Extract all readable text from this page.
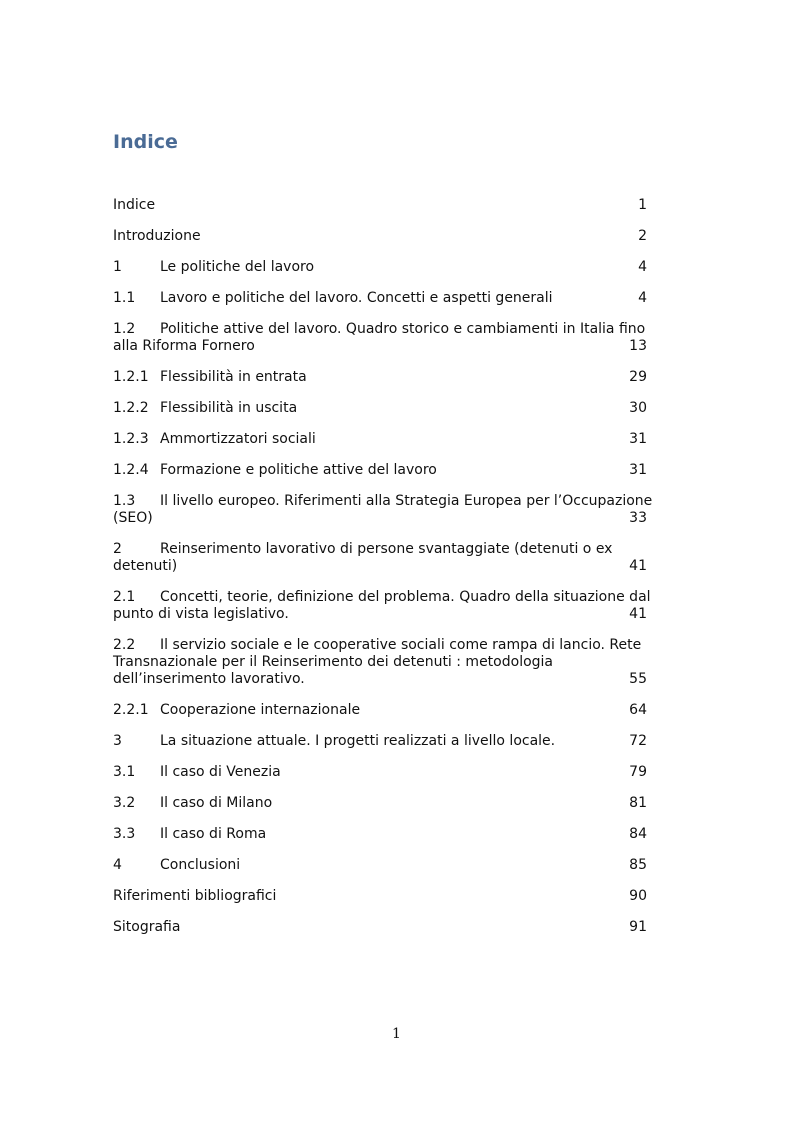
Indice
Indice	1
Introduzione	2
1	Le politiche del lavoro	4
1.1 Lavoro e politiche del lavoro. Concetti e aspetti generali	4
1.2 Politiche attive del lavoro. Quadro storico e cambiamenti in Italia fino alla Riforma Fornero	13
1.2.1 Flessibilità in entrata	29
1.2.2 Flessibilità in uscita	30
1.2.3 Ammortizzatori sociali	31
1.2.4 Formazione e politiche attive del lavoro	31
1.3 Il livello europeo. Riferimenti alla Strategia Europea per l’Occupazione (SEO)	33
2	Reinserimento lavorativo di persone svantaggiate (detenuti o ex detenuti)	41
2.1 Concetti, teorie, definizione del problema. Quadro della situazione dal punto di vista legislativo.	41
2.2 Il servizio sociale e le cooperative sociali come rampa di lancio. Rete Transnazionale per il Reinserimento dei detenuti : metodologia dell’inserimento lavorativo.	55
2.2.1 Cooperazione internazionale	64
3	La situazione attuale. I progetti realizzati a livello locale.	72
3.1 Il caso di Venezia	79
3.2 Il caso di Milano	81
3.3 Il caso di Roma	84
4	Conclusioni	85
Riferimenti bibliografici	90
Sitografia	91
1
